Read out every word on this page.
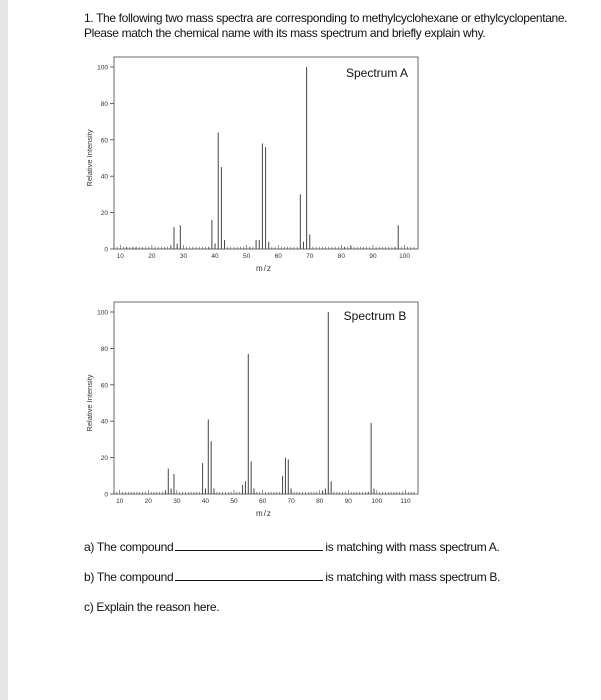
1. The following two mass spectra are corresponding to methylcyclohexane or ethylcyclopentane.
Please match the chemical name with its mass spectrum and briefly explain why.
0
20
40
60
80
100
10	20	30	40	50	60	70	80	90	100
Spectrum A
m/z
Relative Intensity
0
20
40
60
80
100
10	20	30	40	50	60	70	80	90	100	110
Spectrum B
m/z
Relative Intensity
a) The compound	is matching with mass spectrum A.
b) The compound	is matching with mass spectrum B.
c) Explain the reason here.
